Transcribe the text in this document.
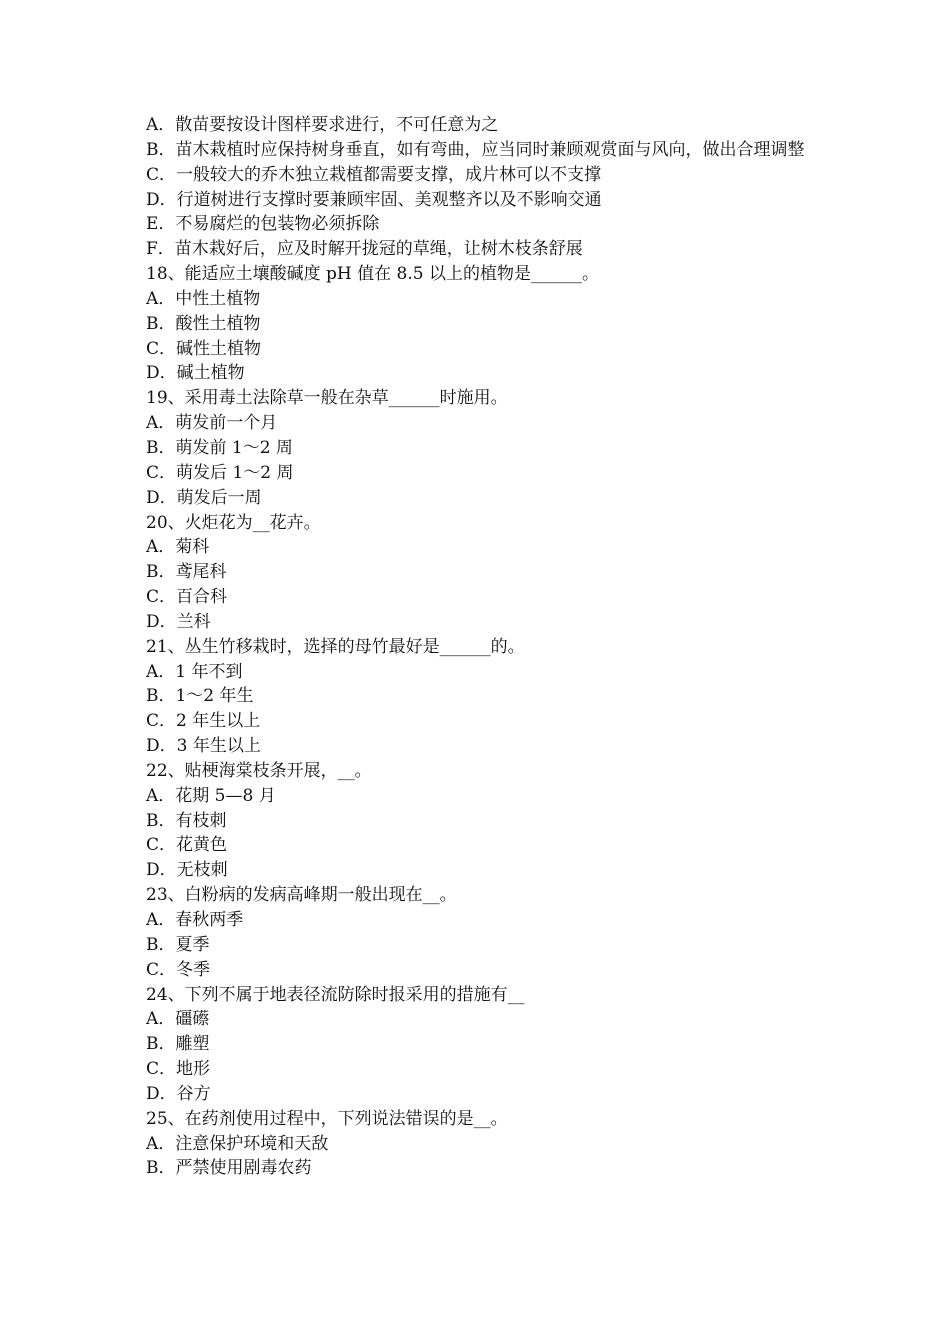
A．散苗要按设计图样要求进行，不可任意为之
B．苗木栽植时应保持树身垂直，如有弯曲，应当同时兼顾观赏面与风向，做出合理调整
C．一般较大的乔木独立栽植都需要支撑，成片林可以不支撑
D．行道树进行支撑时要兼顾牢固、美观整齐以及不影响交通
E．不易腐烂的包装物必须拆除
F．苗木栽好后，应及时解开拢冠的草绳，让树木枝条舒展
18、能适应土壤酸碱度 pH 值在 8.5 以上的植物是______。
A．中性土植物
B．酸性土植物
C．碱性土植物
D．碱土植物
19、采用毒土法除草一般在杂草______时施用。
A．萌发前一个月
B．萌发前 1～2 周
C．萌发后 1～2 周
D．萌发后一周
20、火炬花为__花卉。
A．菊科
B．鸢尾科
C．百合科
D．兰科
21、丛生竹移栽时，选择的母竹最好是______的。
A．1 年不到
B．1～2 年生
C．2 年生以上
D．3 年生以上
22、贴梗海棠枝条开展，__。
A．花期 5—8 月
B．有枝刺
C．花黄色
D．无枝刺
23、白粉病的发病高峰期一般出现在__。
A．春秋两季
B．夏季
C．冬季
24、下列不属于地表径流防除时报采用的措施有__
A．礓礤
B．雕塑
C．地形
D．谷方
25、在药剂使用过程中，下列说法错误的是__。
A．注意保护环境和天敌
B．严禁使用剧毒农药
